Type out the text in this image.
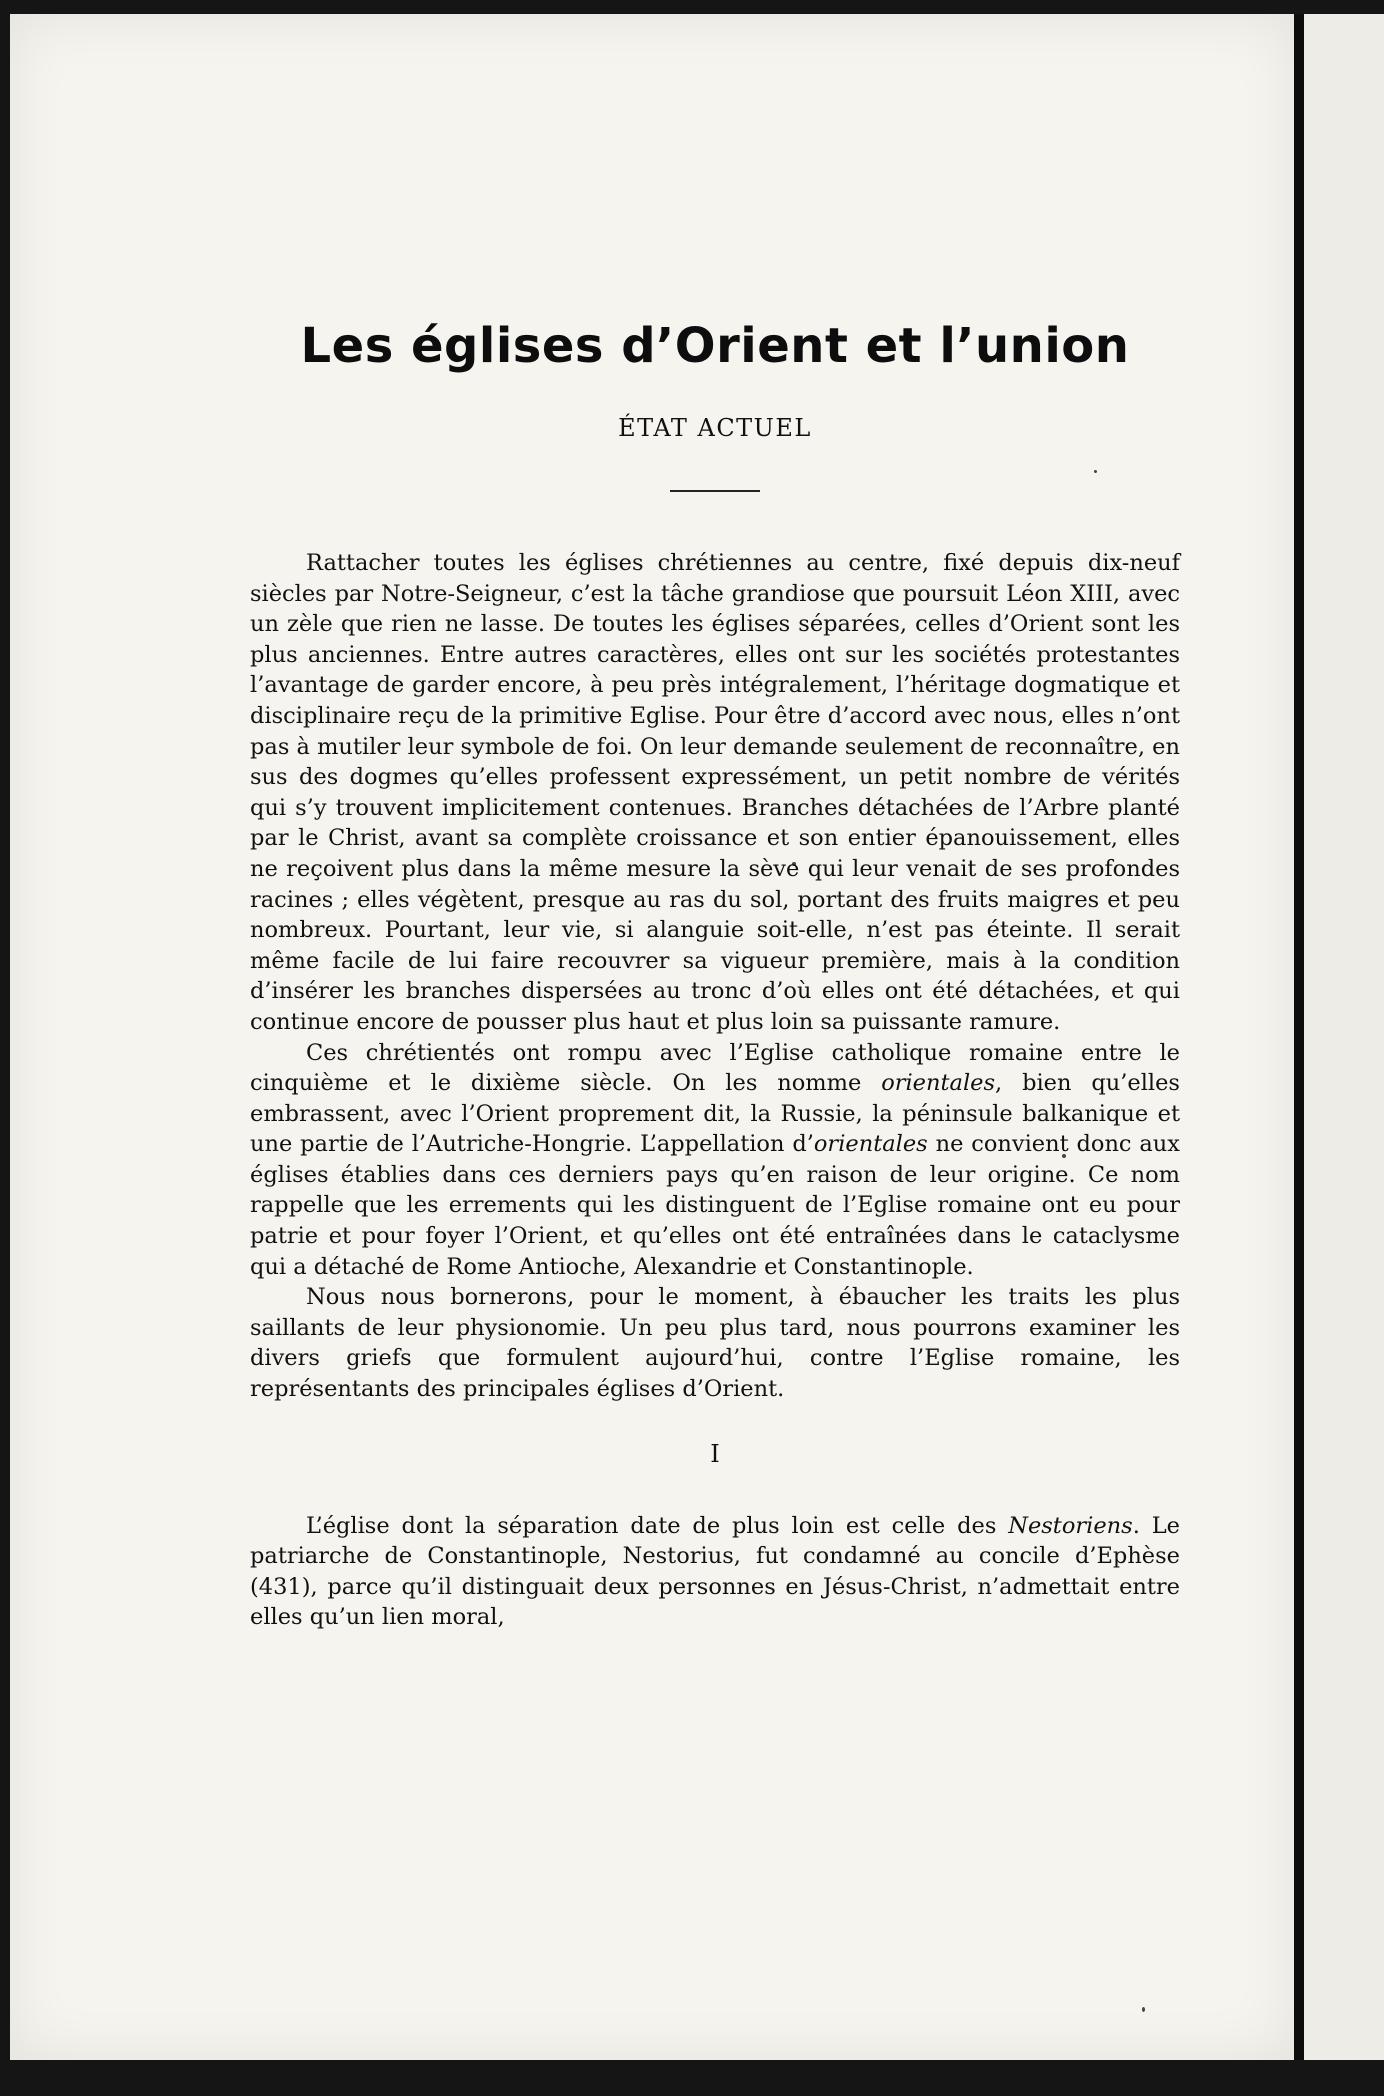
Les églises d’Orient et l’union
ÉTAT ACTUEL

Rattacher toutes les églises chrétiennes au centre, fixé depuis dix-neuf siècles par Notre-Seigneur, c’est la tâche grandiose que poursuit Léon XIII, avec un zèle que rien ne lasse. De toutes les églises séparées, celles d’Orient sont les plus anciennes. Entre autres caractères, elles ont sur les sociétés protestantes l’avantage de garder encore, à peu près intégralement, l’héritage dogmatique et disciplinaire reçu de la primitive Eglise. Pour être d’accord avec nous, elles n’ont pas à mutiler leur symbole de foi. On leur demande seulement de reconnaître, en sus des dogmes qu’elles professent expressément, un petit nombre de vérités qui s’y trouvent implicitement contenues. Branches détachées de l’Arbre planté par le Christ, avant sa complète croissance et son entier épanouissement, elles ne reçoivent plus dans la même mesure la sève qui leur venait de ses profondes racines ; elles végètent, presque au ras du sol, portant des fruits maigres et peu nombreux. Pourtant, leur vie, si alanguie soit-elle, n’est pas éteinte. Il serait même facile de lui faire recouvrer sa vigueur première, mais à la condition d’insérer les branches dispersées au tronc d’où elles ont été détachées, et qui continue encore de pousser plus haut et plus loin sa puissante ramure.

Ces chrétientés ont rompu avec l’Eglise catholique romaine entre le cinquième et le dixième siècle. On les nomme orientales, bien qu’elles embrassent, avec l’Orient proprement dit, la Russie, la péninsule balkanique et une partie de l’Autriche-Hongrie. L’appellation d’orientales ne convient donc aux églises établies dans ces derniers pays qu’en raison de leur origine. Ce nom rappelle que les errements qui les distinguent de l’Eglise romaine ont eu pour patrie et pour foyer l’Orient, et qu’elles ont été entraînées dans le cataclysme qui a détaché de Rome Antioche, Alexandrie et Constantinople.

Nous nous bornerons, pour le moment, à ébaucher les traits les plus saillants de leur physionomie. Un peu plus tard, nous pourrons examiner les divers griefs que formulent aujourd’hui, contre l’Eglise romaine, les représentants des principales églises d’Orient.

I

L’église dont la séparation date de plus loin est celle des Nestoriens. Le patriarche de Constantinople, Nestorius, fut condamné au concile d’Ephèse (431), parce qu’il distinguait deux personnes en Jésus-Christ, n’admettait entre elles qu’un lien moral,
